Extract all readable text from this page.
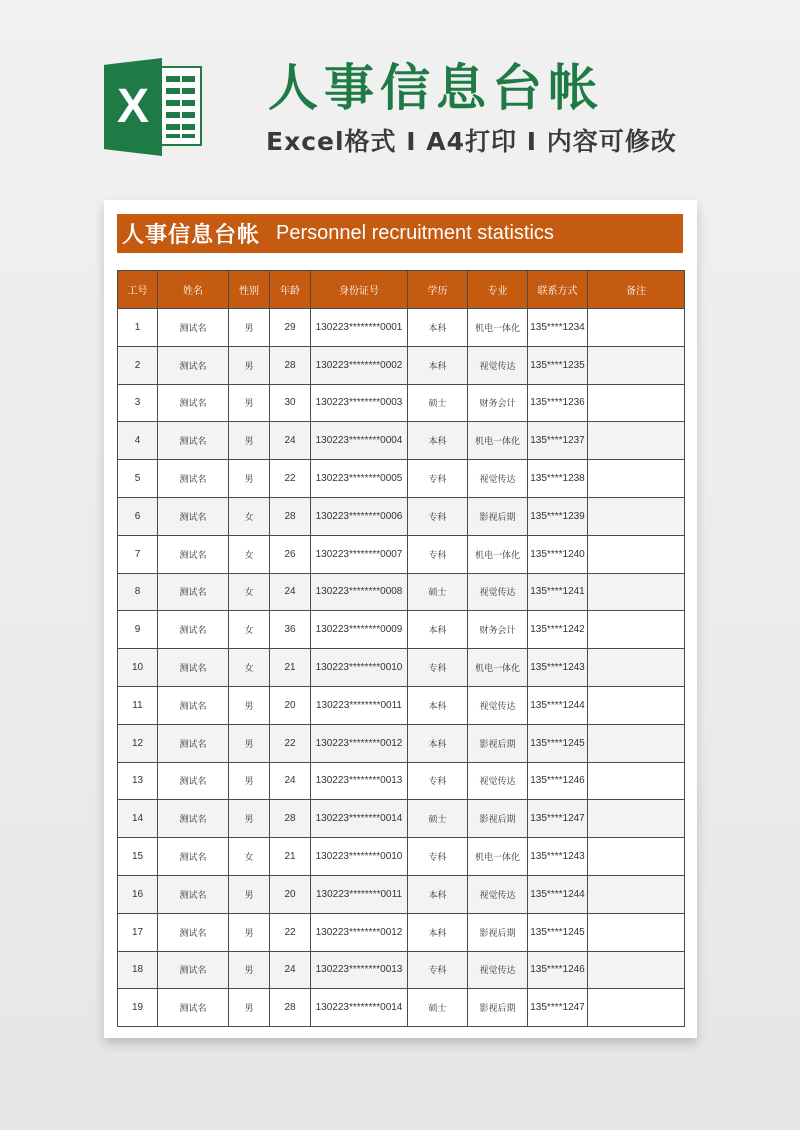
X 人事信息台帐
Excel格式 I A4打印 I 内容可修改
人事信息台帐 Personnel recruitment statistics
工号	姓名	性别	年龄	身份证号	学历	专业	联系方式	备注
1	测试名	男	29	130223********0001	本科	机电一体化	135****1234	
2	测试名	男	28	130223********0002	本科	视觉传达	135****1235	
3	测试名	男	30	130223********0003	硕士	财务会计	135****1236	
4	测试名	男	24	130223********0004	本科	机电一体化	135****1237	
5	测试名	男	22	130223********0005	专科	视觉传达	135****1238	
6	测试名	女	28	130223********0006	专科	影视后期	135****1239	
7	测试名	女	26	130223********0007	专科	机电一体化	135****1240	
8	测试名	女	24	130223********0008	硕士	视觉传达	135****1241	
9	测试名	女	36	130223********0009	本科	财务会计	135****1242	
10	测试名	女	21	130223********0010	专科	机电一体化	135****1243	
11	测试名	男	20	130223********0011	本科	视觉传达	135****1244	
12	测试名	男	22	130223********0012	本科	影视后期	135****1245	
13	测试名	男	24	130223********0013	专科	视觉传达	135****1246	
14	测试名	男	28	130223********0014	硕士	影视后期	135****1247	
15	测试名	女	21	130223********0010	专科	机电一体化	135****1243	
16	测试名	男	20	130223********0011	本科	视觉传达	135****1244	
17	测试名	男	22	130223********0012	本科	影视后期	135****1245	
18	测试名	男	24	130223********0013	专科	视觉传达	135****1246	
19	测试名	男	28	130223********0014	硕士	影视后期	135****1247	
